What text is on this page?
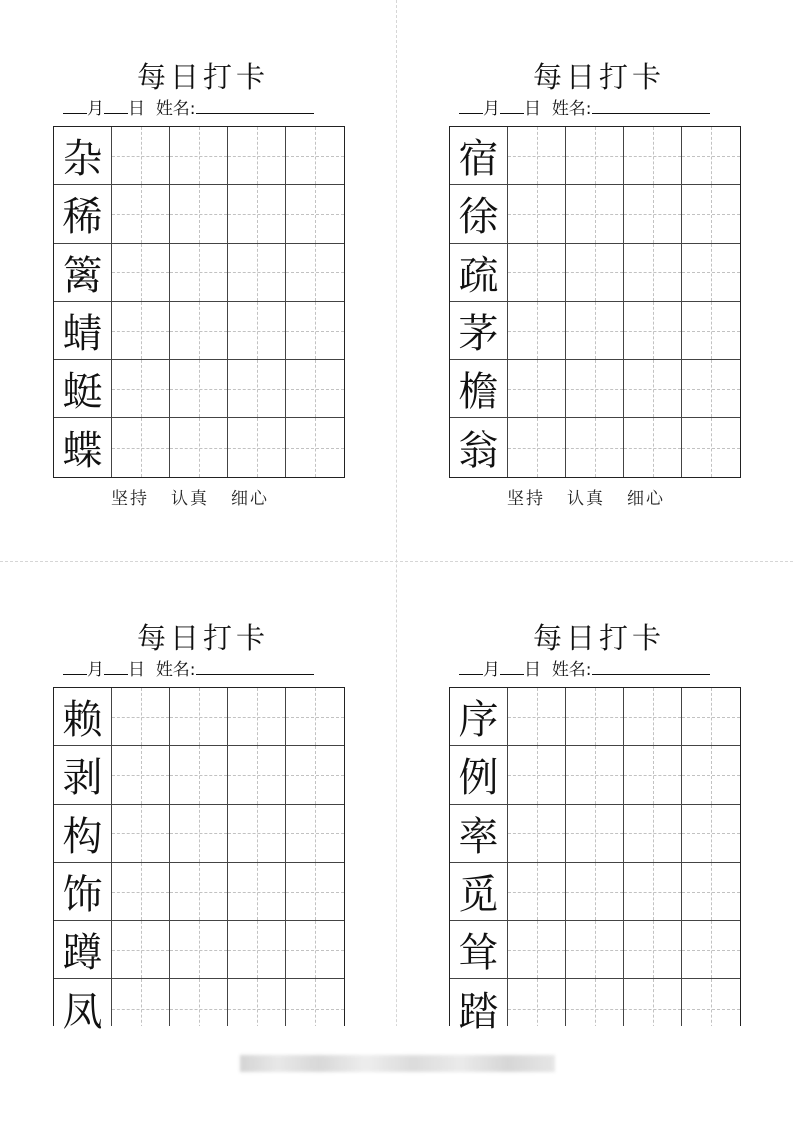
每日打卡
月 日 姓名:
杂
稀
篱
蜻
蜓
蝶
坚持 认真 细心
每日打卡
月 日 姓名:
宿
徐
疏
茅
檐
翁
坚持 认真 细心
每日打卡
月 日 姓名:
赖
剥
构
饰
蹲
凤
每日打卡
月 日 姓名:
序
例
率
觅
耸
踏
